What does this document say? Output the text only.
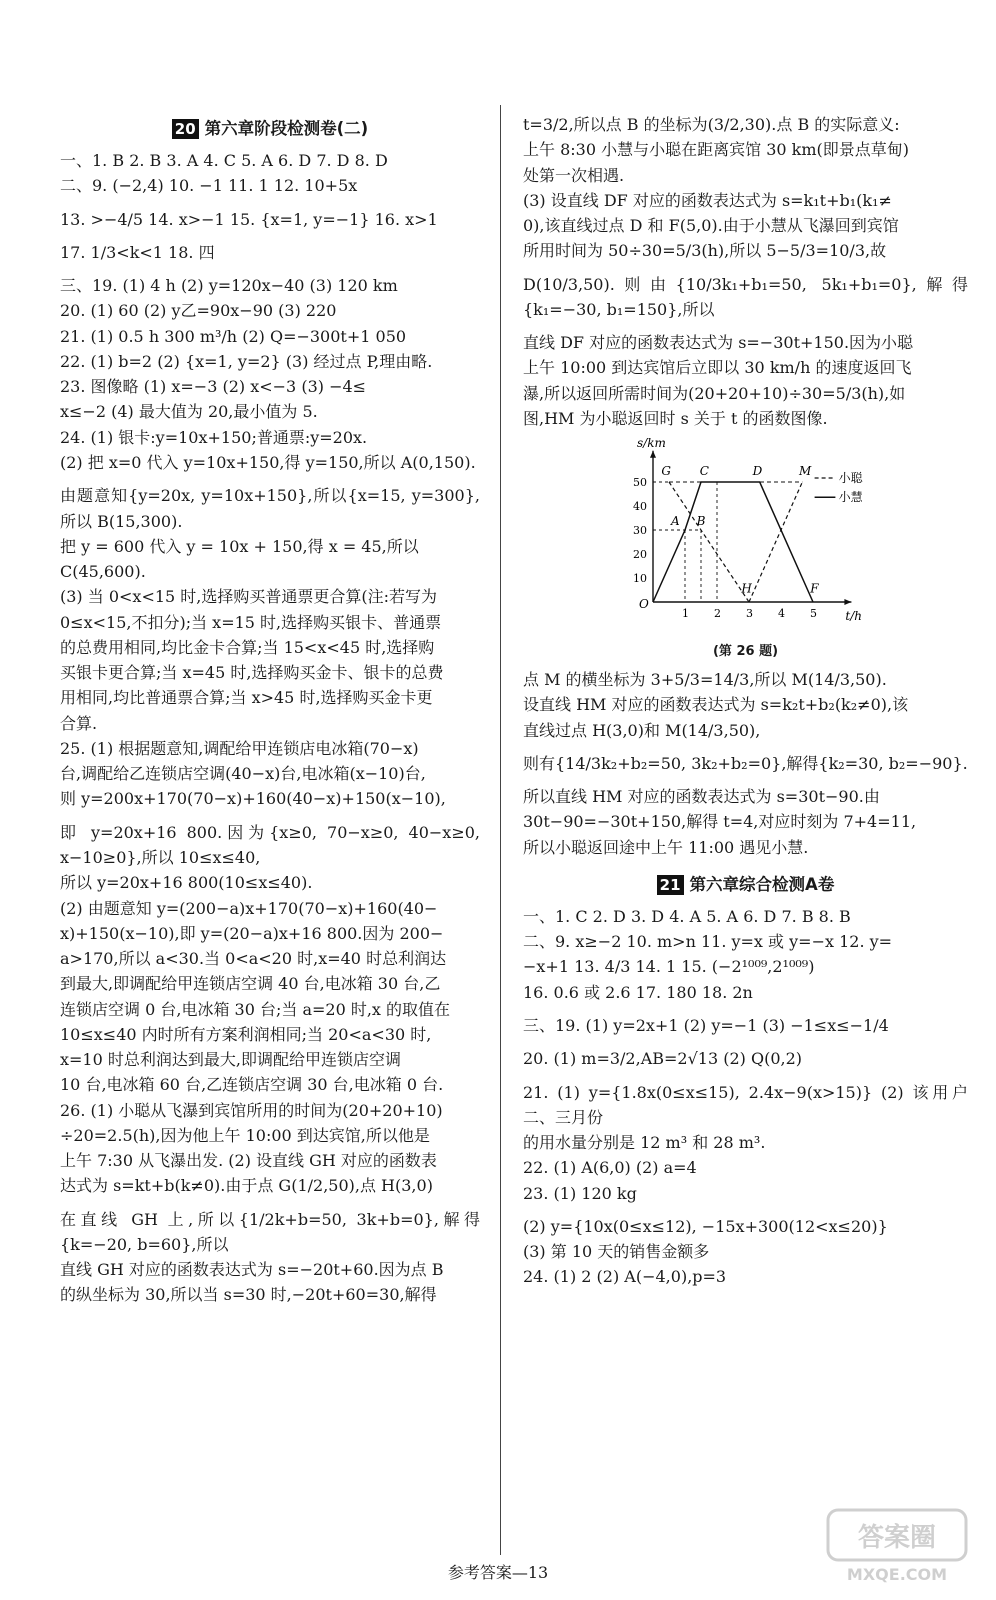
20 第六章阶段检测卷(二)
一、1. B 2. B 3. A 4. C 5. A 6. D 7. D 8. D
二、9. (−2,4) 10. −1 11. 1 12. 10+5x
13. >−4/5 14. x>−1 15. {x=1, y=−1} 16. x>1
17. 1/3<k<1 18. 四
三、19. (1) 4 h (2) y=120x−40 (3) 120 km
20. (1) 60 (2) y乙=90x−90 (3) 220
21. (1) 0.5 h 300 m³/h (2) Q=−300t+1 050
22. (1) b=2 (2) {x=1, y=2} (3) 经过点 P,理由略.
23. 图像略 (1) x=−3 (2) x<−3 (3) −4≤
x≤−2 (4) 最大值为 20,最小值为 5.
24. (1) 银卡:y=10x+150;普通票:y=20x.
(2) 把 x=0 代入 y=10x+150,得 y=150,所以 A(0,150).
由题意知{y=20x, y=10x+150},所以{x=15, y=300},所以 B(15,300).
把 y = 600 代入 y = 10x + 150,得 x = 45,所以
C(45,600).
(3) 当 0<x<15 时,选择购买普通票更合算(注:若写为
0≤x<15,不扣分);当 x=15 时,选择购买银卡、普通票
的总费用相同,均比金卡合算;当 15<x<45 时,选择购
买银卡更合算;当 x=45 时,选择购买金卡、银卡的总费
用相同,均比普通票合算;当 x>45 时,选择购买金卡更
合算.
25. (1) 根据题意知,调配给甲连锁店电冰箱(70−x)
台,调配给乙连锁店空调(40−x)台,电冰箱(x−10)台,
则 y=200x+170(70−x)+160(40−x)+150(x−10),
即 y=20x+16 800.因为{x≥0, 70−x≥0, 40−x≥0, x−10≥0},所以 10≤x≤40,
所以 y=20x+16 800(10≤x≤40).
(2) 由题意知 y=(200−a)x+170(70−x)+160(40−
x)+150(x−10),即 y=(20−a)x+16 800.因为 200−
a>170,所以 a<30.当 0<a<20 时,x=40 时总利润达
到最大,即调配给甲连锁店空调 40 台,电冰箱 30 台,乙
连锁店空调 0 台,电冰箱 30 台;当 a=20 时,x 的取值在
10≤x≤40 内时所有方案利润相同;当 20<a<30 时,
x=10 时总利润达到最大,即调配给甲连锁店空调
10 台,电冰箱 60 台,乙连锁店空调 30 台,电冰箱 0 台.
26. (1) 小聪从飞瀑到宾馆所用的时间为(20+20+10)
÷20=2.5(h),因为他上午 10:00 到达宾馆,所以他是
上午 7:30 从飞瀑出发. (2) 设直线 GH 对应的函数表
达式为 s=kt+b(k≠0).由于点 G(1/2,50),点 H(3,0)
在直线 GH 上,所以{1/2k+b=50, 3k+b=0},解得{k=−20, b=60},所以
直线 GH 对应的函数表达式为 s=−20t+60.因为点 B
的纵坐标为 30,所以当 s=30 时,−20t+60=30,解得
t=3/2,所以点 B 的坐标为(3/2,30).点 B 的实际意义:
上午 8:30 小慧与小聪在距离宾馆 30 km(即景点草甸)
处第一次相遇.
(3) 设直线 DF 对应的函数表达式为 s=k₁t+b₁(k₁≠
0),该直线过点 D 和 F(5,0).由于小慧从飞瀑回到宾馆
所用时间为 50÷30=5/3(h),所以 5−5/3=10/3,故
D(10/3,50).则由{10/3k₁+b₁=50, 5k₁+b₁=0},解得{k₁=−30, b₁=150},所以
直线 DF 对应的函数表达式为 s=−30t+150.因为小聪
上午 10:00 到达宾馆后立即以 30 km/h 的速度返回飞
瀑,所以返回所需时间为(20+20+10)÷30=5/3(h),如
图,HM 为小聪返回时 s 关于 t 的函数图像.
s/km
t/h
O
50
40
30
20
10
1 2 3 4 5
G C	D	M
A B
H	F
小聪
小慧
(第 26 题)
点 M 的横坐标为 3+5/3=14/3,所以 M(14/3,50).
设直线 HM 对应的函数表达式为 s=k₂t+b₂(k₂≠0),该
直线过点 H(3,0)和 M(14/3,50),
则有{14/3k₂+b₂=50, 3k₂+b₂=0},解得{k₂=30, b₂=−90}.
所以直线 HM 对应的函数表达式为 s=30t−90.由
30t−90=−30t+150,解得 t=4,对应时刻为 7+4=11,
所以小聪返回途中上午 11:00 遇见小慧.
21 第六章综合检测A卷
一、1. C 2. D 3. D 4. A 5. A 6. D 7. B 8. B
二、9. x≥−2 10. m>n 11. y=x 或 y=−x 12. y=
−x+1 13. 4/3 14. 1 15. (−2¹⁰⁰⁹,2¹⁰⁰⁹)
16. 0.6 或 2.6 17. 180 18. 2n
三、19. (1) y=2x+1 (2) y=−1 (3) −1≤x≤−1/4
20. (1) m=3/2,AB=2√13 (2) Q(0,2)
21. (1) y={1.8x(0≤x≤15), 2.4x−9(x>15)} (2) 该用户二、三月份
的用水量分别是 12 m³ 和 28 m³.
22. (1) A(6,0) (2) a=4
23. (1) 120 kg
(2) y={10x(0≤x≤12), −15x+300(12<x≤20)}
(3) 第 10 天的销售金额多
24. (1) 2 (2) A(−4,0),p=3
参考答案—13
答案圈
MXQE.COM
